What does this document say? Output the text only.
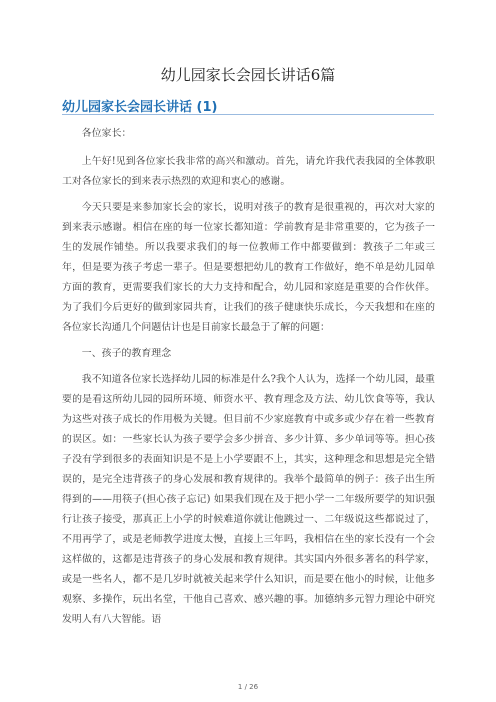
幼儿园家长会园长讲话6篇
幼儿园家长会园长讲话 (1)

各位家长：

上午好!见到各位家长我非常的高兴和激动。首先，请允许我代表我园的全体教职工对各位家长的到来表示热烈的欢迎和衷心的感谢。

今天只要是来参加家长会的家长，说明对孩子的教育是很重视的，再次对大家的到来表示感谢。相信在座的每一位家长都知道：学前教育是非常重要的，它为孩子一生的发展作铺垫。所以我要求我们的每一位教师工作中都要做到：教孩子二年或三年，但是要为孩子考虑一辈子。但是要想把幼儿的教育工作做好，绝不单是幼儿园单方面的教育，更需要我们家长的大力支持和配合，幼儿园和家庭是重要的合作伙伴。为了我们今后更好的做到家园共育，让我们的孩子健康快乐成长，今天我想和在座的各位家长沟通几个问题估计也是目前家长最急于了解的问题：

一、孩子的教育理念

我不知道各位家长选择幼儿园的标准是什么?我个人认为，选择一个幼儿园，最重要的是看这所幼儿园的园所环境、师资水平、教育理念及方法、幼儿饮食等等，我认为这些对孩子成长的作用极为关键。但目前不少家庭教育中或多或少存在着一些教育的误区。如：一些家长认为孩子要学会多少拼音、多少计算、多少单词等等。担心孩子没有学到很多的表面知识是不是上小学要跟不上，其实，这种理念和思想是完全错误的，是完全违背孩子的身心发展和教育规律的。我举个最简单的例子：孩子出生所得到的——用筷子(担心孩子忘记) 如果我们现在及于把小学一二年级所要学的知识强行让孩子接受，那真正上小学的时候难道你就让他跳过一、二年级说这些都说过了，不用再学了，或是老师教学进度太慢，直接上三年吗，我相信在坐的家长没有一个会这样做的，这都是违背孩子的身心发展和教育规律。其实国内外很多著名的科学家，或是一些名人，都不是几岁时就被关起来学什么知识，而是要在他小的时候，让他多观察、多操作，玩出名堂，干他自己喜欢、感兴趣的事。加德纳多元智力理论中研究发明人有八大智能。语

1 / 26
